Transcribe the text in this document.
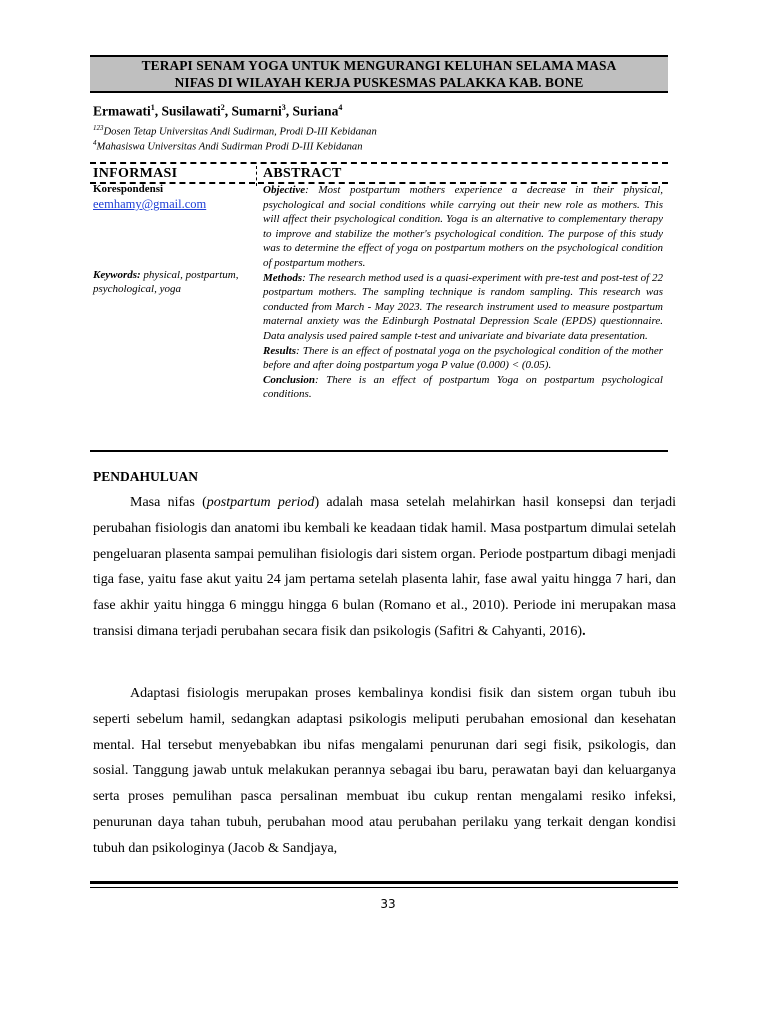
TERAPI SENAM YOGA UNTUK MENGURANGI KELUHAN SELAMA MASA
NIFAS DI WILAYAH KERJA PUSKESMAS PALAKKA KAB. BONE
Ermawati$^1$, Susilawati$^2$, Sumarni$^3$, Suriana$^4$
$^{123}$Dosen Tetap Universitas Andi Sudirman, Prodi D-III Kebidanan
$^4$Mahasiswa Universitas Andi Sudirman Prodi D-III Kebidanan
INFORMASI	ABSTRACT
Korespondensi
eemhamy@gmail.com
Keywords: physical, postpartum, psychological, yoga

Objective: Most postpartum mothers experience a decrease in their physical, psychological and social conditions while carrying out their new role as mothers. This will affect their psychological condition. Yoga is an alternative to complementary therapy to improve and stabilize the mother's psychological condition. The purpose of this study was to determine the effect of yoga on postpartum mothers on the psychological condition of postpartum mothers.

Methods: The research method used is a quasi-experiment with pre-test and post-test of 22 postpartum mothers. The sampling technique is random sampling. This research was conducted from March - May 2023. The research instrument used to measure postpartum maternal anxiety was the Edinburgh Postnatal Depression Scale (EPDS) questionnaire. Data analysis used paired sample t-test and univariate and bivariate data presentation.

Results: There is an effect of postnatal yoga on the psychological condition of the mother before and after doing postpartum yoga P value (0.000) < (0.05).

Conclusion: There is an effect of postpartum Yoga on postpartum psychological conditions.

PENDAHULUAN

Masa nifas (postpartum period) adalah masa setelah melahirkan hasil konsepsi dan terjadi perubahan fisiologis dan anatomi ibu kembali ke keadaan tidak hamil. Masa postpartum dimulai setelah pengeluaran plasenta sampai pemulihan fisiologis dari sistem organ. Periode postpartum dibagi menjadi tiga fase, yaitu fase akut yaitu 24 jam pertama setelah plasenta lahir, fase awal yaitu hingga 7 hari, dan fase akhir yaitu hingga 6 minggu hingga 6 bulan (Romano et al., 2010). Periode ini merupakan masa transisi dimana terjadi perubahan secara fisik dan psikologis (Safitri & Cahyanti, 2016).

Adaptasi fisiologis merupakan proses kembalinya kondisi fisik dan sistem organ tubuh ibu seperti sebelum hamil, sedangkan adaptasi psikologis meliputi perubahan emosional dan kesehatan mental. Hal tersebut menyebabkan ibu nifas mengalami penurunan dari segi fisik, psikologis, dan sosial. Tanggung jawab untuk melakukan perannya sebagai ibu baru, perawatan bayi dan keluarganya serta proses pemulihan pasca persalinan membuat ibu cukup rentan mengalami resiko infeksi, penurunan daya tahan tubuh, perubahan mood atau perubahan perilaku yang terkait dengan kondisi tubuh dan psikologinya (Jacob & Sandjaya,

33
